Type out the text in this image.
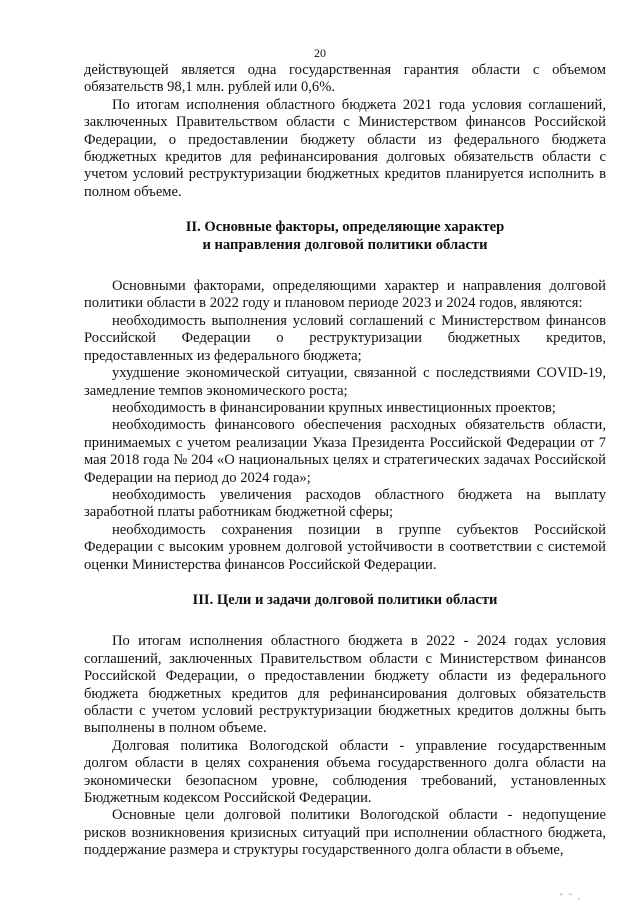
20

действующей является одна государственная гарантия области с объемом обязательств 98,1 млн. рублей или 0,6%.

По итогам исполнения областного бюджета 2021 года условия соглашений, заключенных Правительством области с Министерством финансов Российской Федерации, о предоставлении бюджету области из федерального бюджета бюджетных кредитов для рефинансирования долговых обязательств области с учетом условий реструктуризации бюджетных кредитов планируется исполнить в полном объеме.

II. Основные факторы, определяющие характер
и направления долговой политики области

Основными факторами, определяющими характер и направления долговой политики области в 2022 году и плановом периоде 2023 и 2024 годов, являются:

необходимость выполнения условий соглашений с Министерством финансов Российской Федерации о реструктуризации бюджетных кредитов, предоставленных из федерального бюджета;

ухудшение экономической ситуации, связанной с последствиями COVID-19, замедление темпов экономического роста;

необходимость в финансировании крупных инвестиционных проектов;

необходимость финансового обеспечения расходных обязательств области, принимаемых с учетом реализации Указа Президента Российской Федерации от 7 мая 2018 года № 204 «О национальных целях и стратегических задачах Российской Федерации на период до 2024 года»;

необходимость увеличения расходов областного бюджета на выплату заработной платы работникам бюджетной сферы;

необходимость сохранения позиции в группе субъектов Российской Федерации с высоким уровнем долговой устойчивости в соответствии с системой оценки Министерства финансов Российской Федерации.

III. Цели и задачи долговой политики области

По итогам исполнения областного бюджета в 2022 - 2024 годах условия соглашений, заключенных Правительством области с Министерством финансов Российской Федерации, о предоставлении бюджету области из федерального бюджета бюджетных кредитов для рефинансирования долговых обязательств области с учетом условий реструктуризации бюджетных кредитов должны быть выполнены в полном объеме.

Долговая политика Вологодской области - управление государственным долгом области в целях сохранения объема государственного долга области на экономически безопасном уровне, соблюдения требований, установленных Бюджетным кодексом Российской Федерации.

Основные цели долговой политики Вологодской области - недопущение рисков возникновения кризисных ситуаций при исполнении областного бюджета, поддержание размера и структуры государственного долга области в объеме,

" " ,
